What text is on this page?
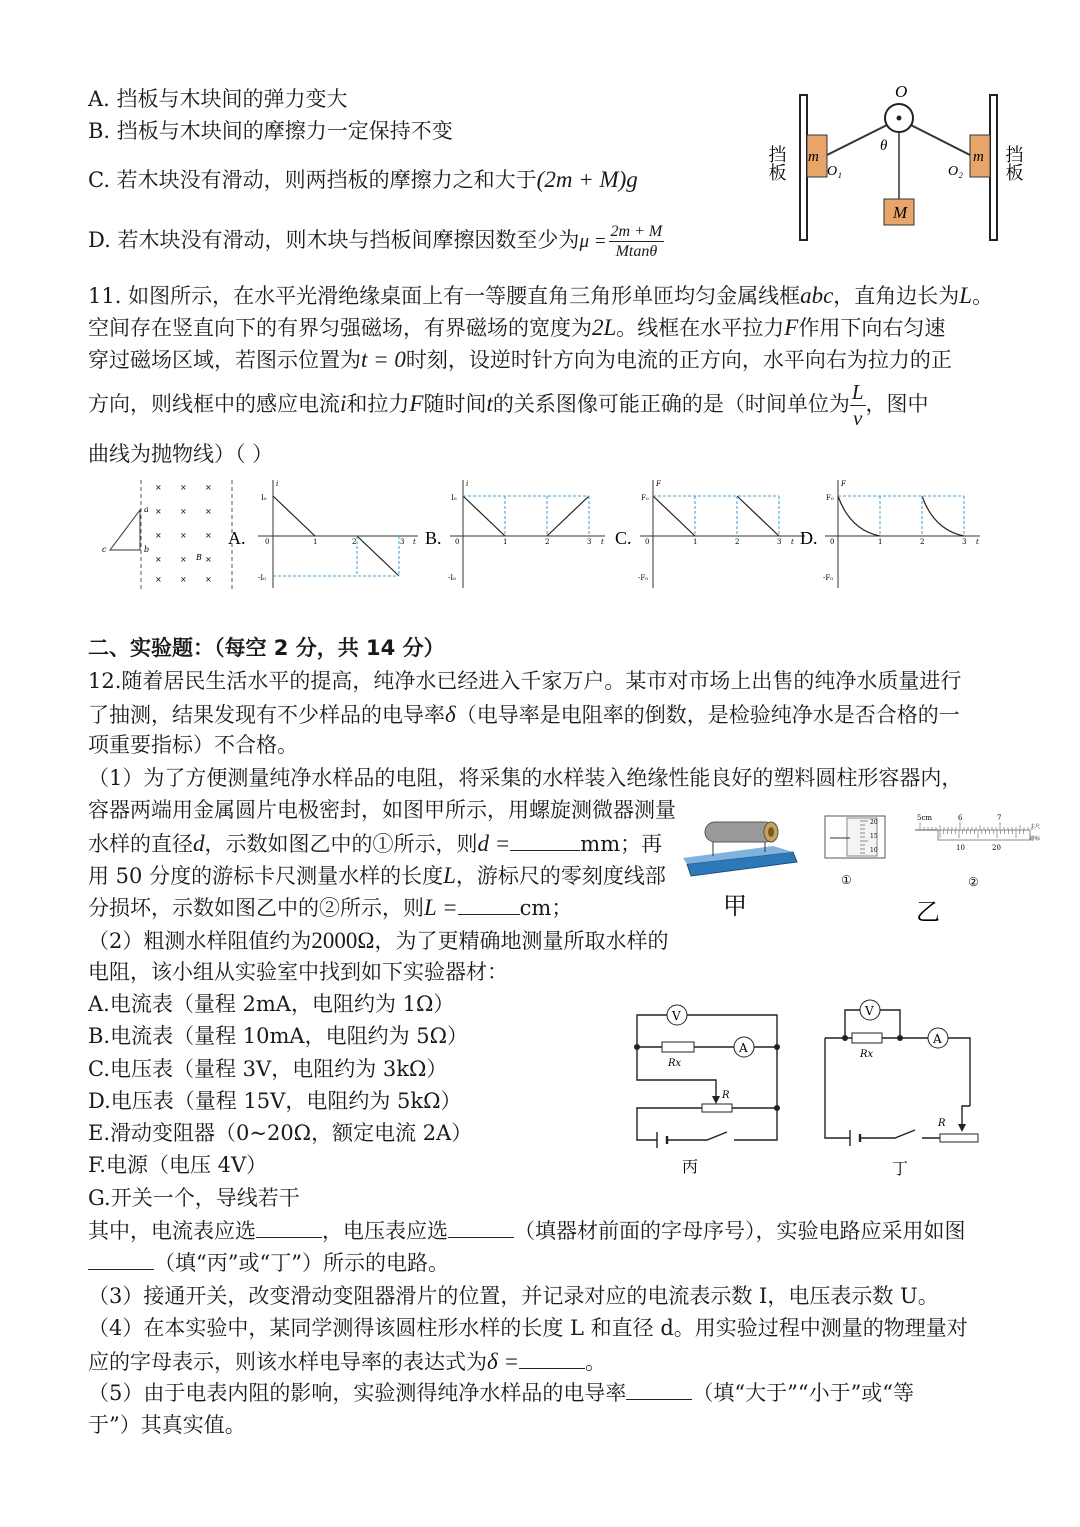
A. 挡板与木块间的弹力变大
B. 挡板与木块间的摩擦力一定保持不变
C. 若木块没有滑动，则两挡板的摩擦力之和大于(2m + M)g
D. 若木块没有滑动，则木块与挡板间摩擦因数至少为$\mu = \frac{2m + M}{Mtan\theta}$
M
O
θ
O₁	O₂
m	m
挡板	挡板
11. 如图所示，在水平光滑绝缘桌面上有一等腰直角三角形单匝均匀金属线框abc，直角边长为L。
空间存在竖直向下的有界匀强磁场，有界磁场的宽度为2L。线框在水平拉力F作用下向右匀速
穿过磁场区域，若图示位置为t = 0时刻，设逆时针方向为电流的正方向，水平向右为拉力的正
方向，则线框中的感应电流i和拉力F随时间t的关系图像可能正确的是（时间单位为 $\frac{L}{v}$ ，图中
曲线为抛物线）（ ）
×
×
×
×
×
×
×
×
×
×
×
×
×
×
×
a
b
c
B
A.
i
I₀
-I₀
0	1	2	3 t B.
i
I₀
-I₀
0	1	2	3 t C.
F
F₀
-F₀
0	1	2	3 t D.
F
F₀
-F₀
0	1	2	3 t
二、实验题：（每空 2 分，共 14 分）
12.随着居民生活水平的提高，纯净水已经进入千家万户。某市对市场上出售的纯净水质量进行
了抽测，结果发现有不少样品的电导率δ（电导率是电阻率的倒数，是检验纯净水是否合格的一
项重要指标）不合格。
（1）为了方便测量纯净水样品的电阻，将采集的水样装入绝缘性能良好的塑料圆柱形容器内，
容器两端用金属圆片电极密封，如图甲所示，用螺旋测微器测量
水样的直径d，示数如图乙中的①所示，则d =	mm；再
用 50 分度的游标卡尺测量水样的长度L，游标尺的零刻度线部
分损坏，示数如图乙中的②所示，则L =	cm；
（2）粗测水样阻值约为2000Ω，为了更精确地测量所取水样的
电阻，该小组从实验室中找到如下实验器材：
A.电流表（量程 2mA，电阻约为 1Ω）
B.电流表（量程 10mA，电阻约为 5Ω）
C.电压表（量程 3V，电阻约为 3kΩ）
D.电压表（量程 15V，电阻约为 5kΩ）
E.滑动变阻器（0~20Ω，额定电流 2A）
F.电源（电压 4V）
G.开关一个，导线若干
其中，电流表应选	，电压表应选	（填器材前面的字母序号），实验电路应采用如图
（填“丙”或“丁”）所示的电路。
（3）接通开关，改变滑动变阻器滑片的位置，并记录对应的电流表示数 I，电压表示数 U。
（4）在本实验中，某同学测得该圆柱形水样的长度 L 和直径 d。用实验过程中测量的物理量对
应的字母表示，则该水样电导率的表达式为δ =	。
（5）由于电表内阻的影响，实验测得纯净水样品的电导率	（填“大于”“小于”或“等
于”）其真实值。
甲
20
15
10
①
5cm	6	7
10	20
主尺
游标
②
乙
V
Rx
A
R
丙
V
Rx
A
R
丁
